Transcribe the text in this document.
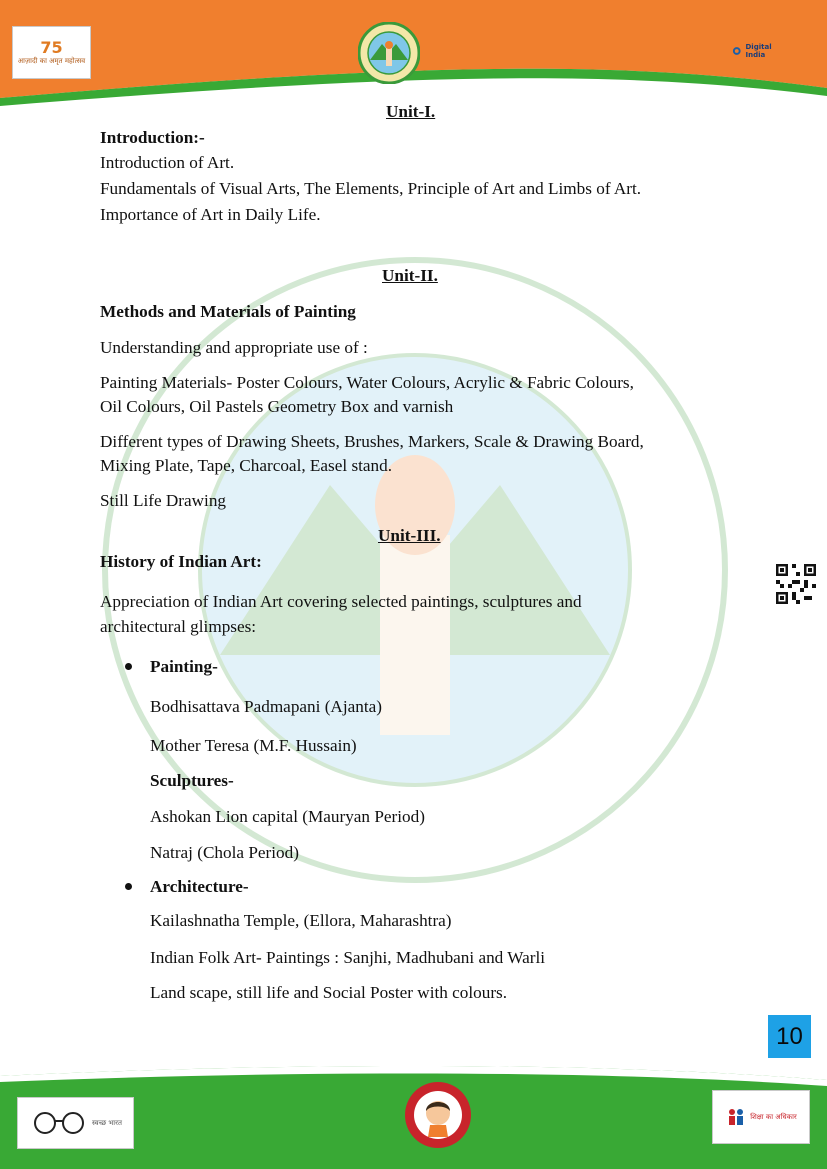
75
आज़ादी का अमृत महोत्सव
Digital India
Unit-I.
Introduction:-
Introduction of Art.
Fundamentals of Visual Arts, The Elements, Principle of Art and Limbs of Art.
Importance of Art in Daily Life.
Unit-II.
Methods and Materials of Painting
Understanding and appropriate use of :
Painting Materials- Poster Colours, Water Colours, Acrylic & Fabric Colours,
Oil Colours, Oil Pastels Geometry Box and varnish
Different types of Drawing Sheets, Brushes, Markers, Scale & Drawing Board,
Mixing Plate, Tape, Charcoal, Easel stand.
Still Life Drawing
Unit-III.
History of Indian Art:
Appreciation of Indian Art covering selected paintings, sculptures and
architectural glimpses:
Painting-
Bodhisattava Padmapani (Ajanta)
Mother Teresa (M.F. Hussain)
Sculptures-
Ashokan Lion capital (Mauryan Period)
Natraj (Chola Period)
Architecture-
Kailashnatha Temple, (Ellora, Maharashtra)
Indian Folk Art- Paintings : Sanjhi, Madhubani and Warli
Land scape, still life and Social Poster with colours.
10
स्वच्छ भारत
शिक्षा का अधिकार
